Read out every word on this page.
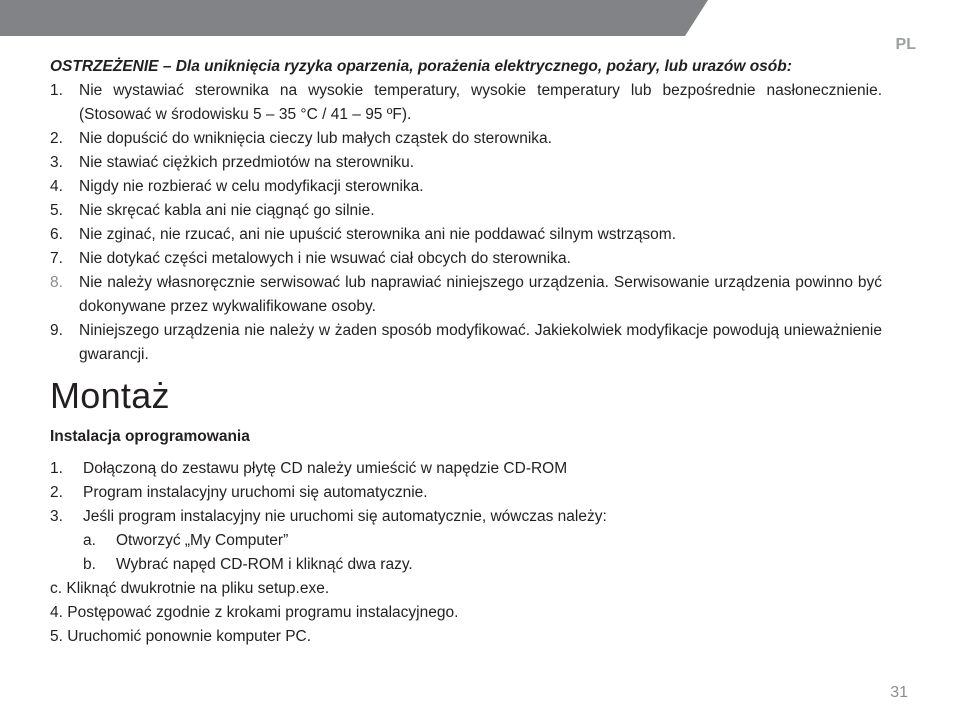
PL
OSTRZEŻENIE – Dla uniknięcia ryzyka oparzenia, porażenia elektrycznego, pożary, lub urazów osób:
1.	Nie wystawiać sterownika na wysokie temperatury, wysokie temperatury lub bezpośrednie nasłonecznienie. (Stosować w środowisku 5 – 35 °C / 41 – 95 ºF).
2.	Nie dopuścić do wniknięcia cieczy lub małych cząstek do sterownika.
3.	Nie stawiać ciężkich przedmiotów na sterowniku.
4.	Nigdy nie rozbierać w celu modyfikacji sterownika.
5.	Nie skręcać kabla ani nie ciągnąć go silnie.
6.	Nie zginać, nie rzucać, ani nie upuścić sterownika ani nie poddawać silnym wstrząsom.
7.	Nie dotykać części metalowych i nie wsuwać ciał obcych do sterownika.
8.	Nie należy własnoręcznie serwisować lub naprawiać niniejszego urządzenia. Serwisowanie urządzenia powinno być dokonywane przez wykwalifikowane osoby.
9.	Niniejszego urządzenia nie należy w żaden sposób modyfikować. Jakiekolwiek modyfikacje powodują unieważnienie gwarancji.
Montaż
Instalacja oprogramowania
1.	Dołączoną do zestawu płytę CD należy umieścić w napędzie CD-ROM
2.	Program instalacyjny uruchomi się automatycznie.
3.	Jeśli program instalacyjny nie uruchomi się automatycznie, wówczas należy:
a.	Otworzyć „My Computer”
b.	Wybrać napęd CD-ROM i kliknąć dwa razy.
c. Kliknąć dwukrotnie na pliku setup.exe.
4. Postępować zgodnie z krokami programu instalacyjnego.
5. Uruchomić ponownie komputer PC.
31
